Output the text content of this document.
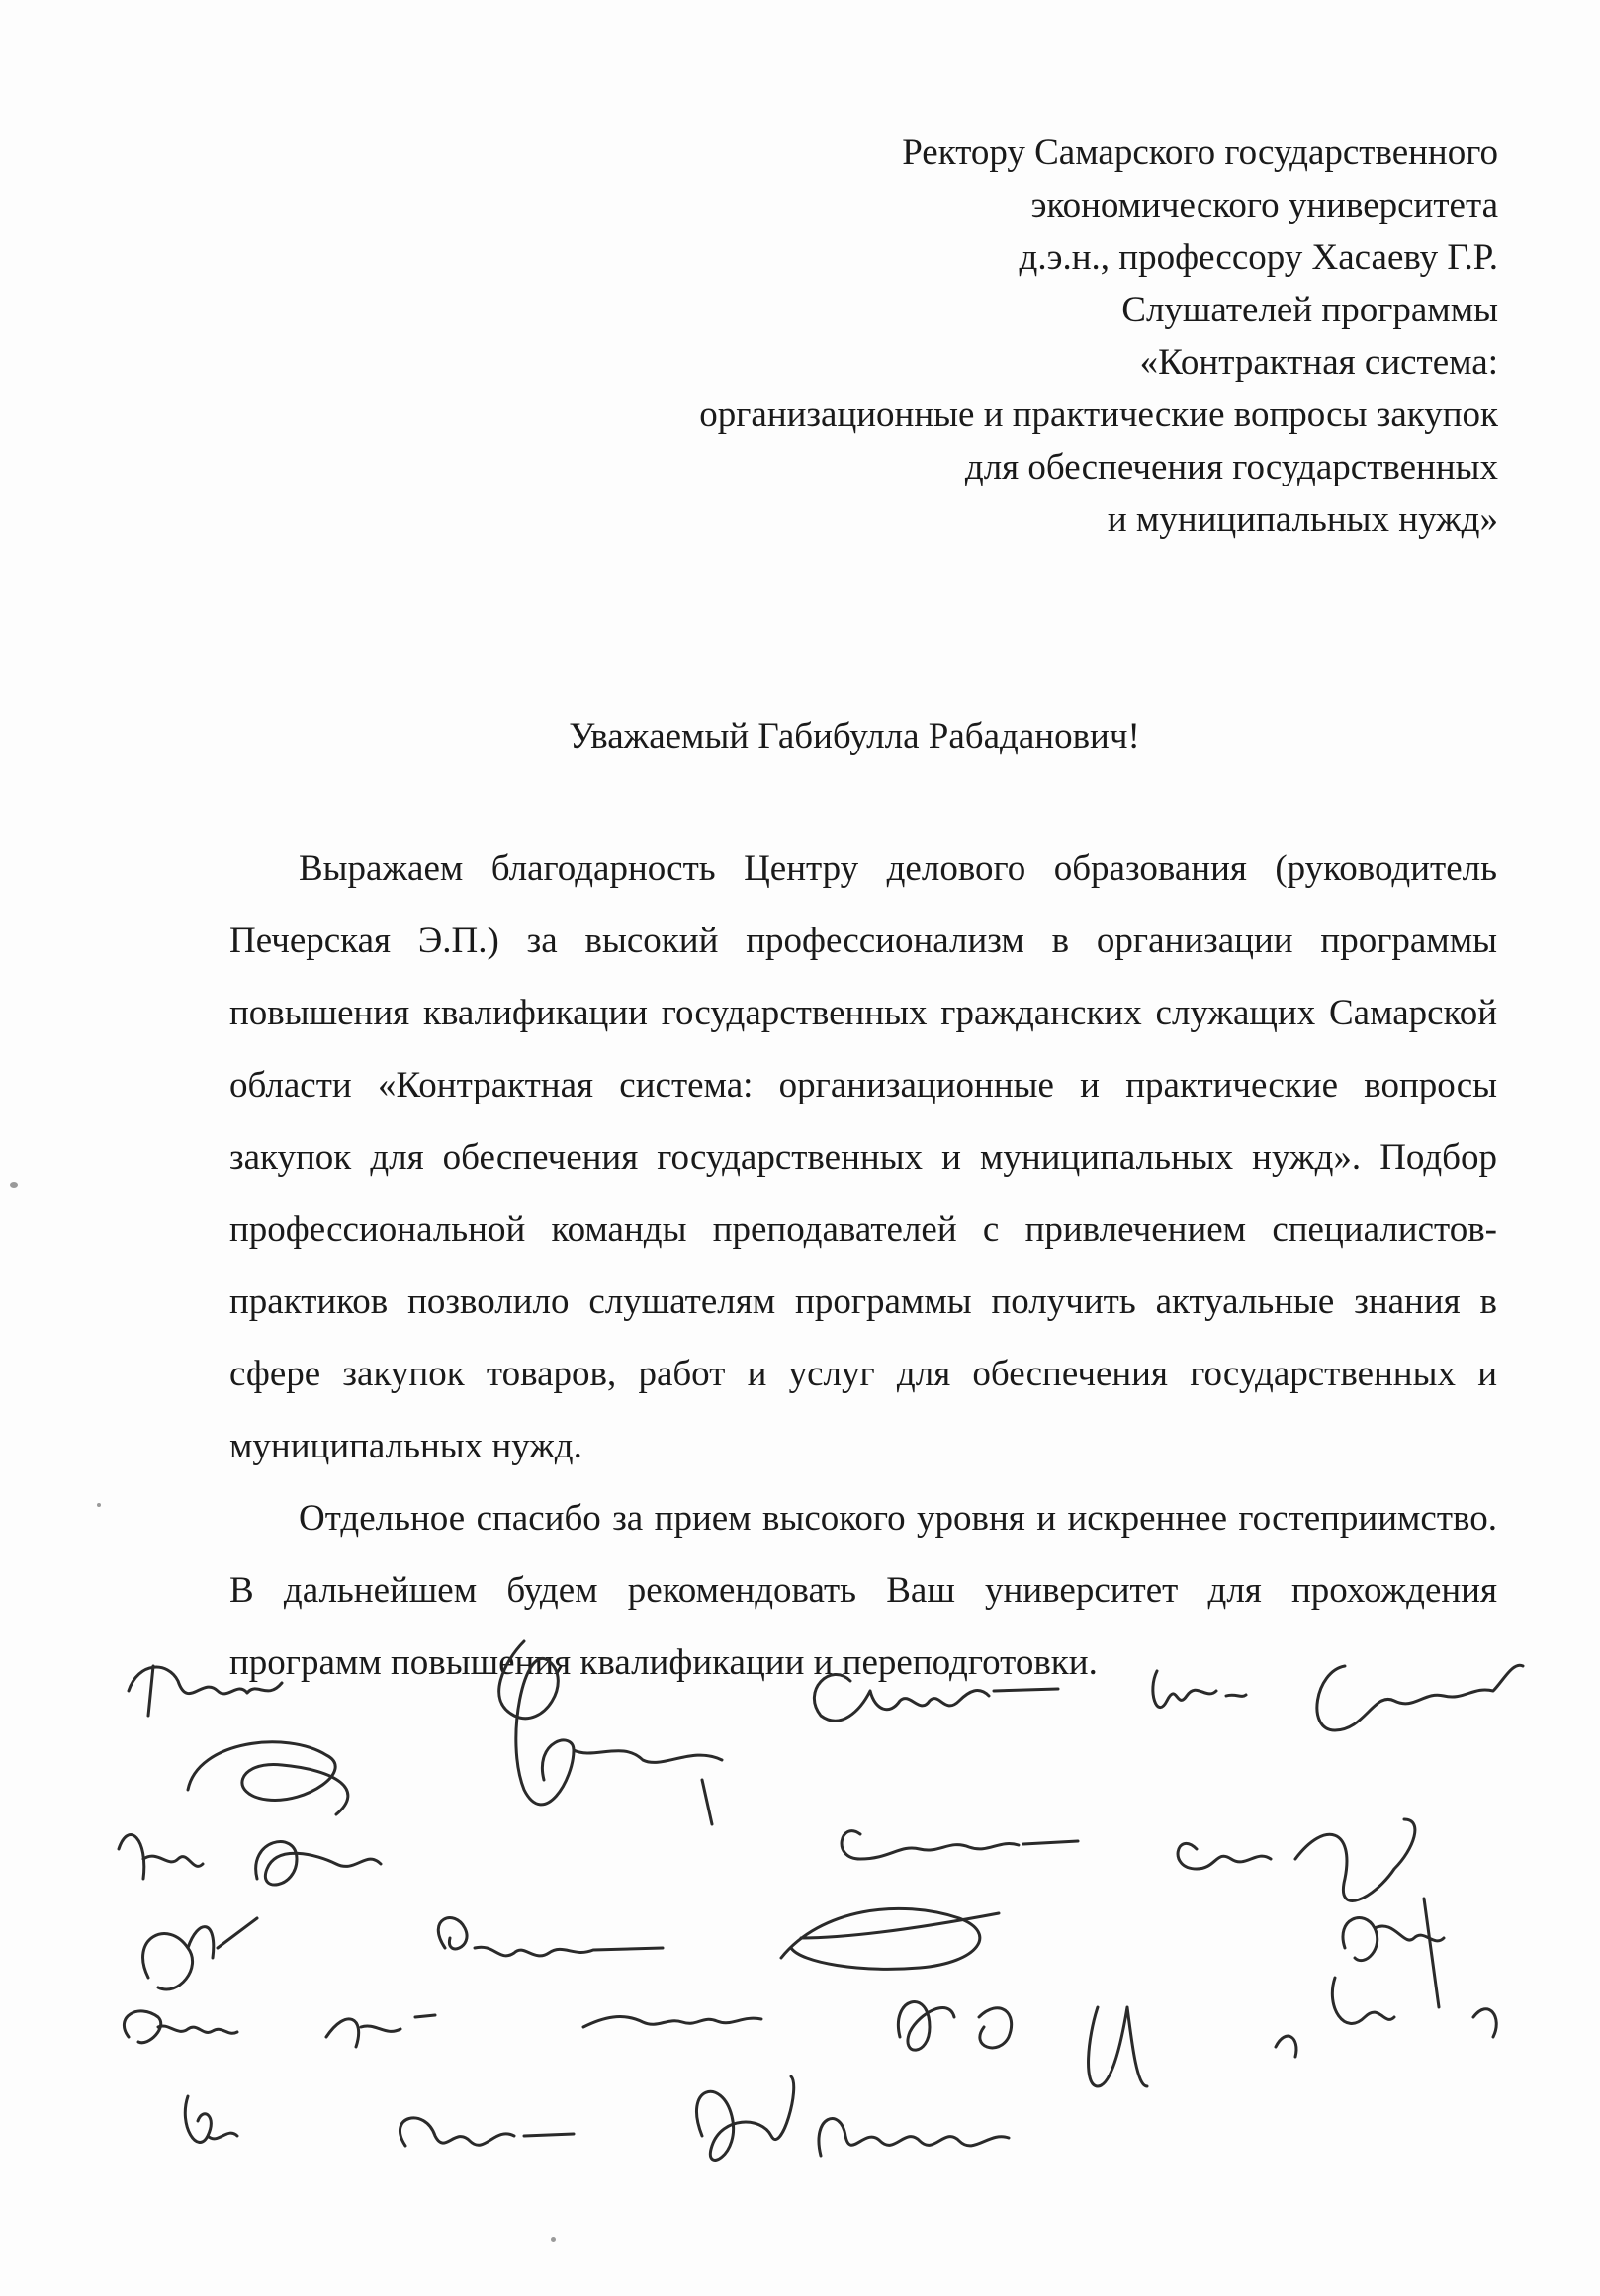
Ректору Самарского государственного
экономического университета
д.э.н., профессору Хасаеву Г.Р.
Слушателей программы
«Контрактная система:
организационные и практические вопросы закупок
для обеспечения государственных
и муниципальных нужд»
Уважаемый Габибулла Рабаданович!

Выражаем благодарность Центру делового образования (руководитель Печерская Э.П.) за высокий профессионализм в организации программы повышения квалификации государственных гражданских служащих Самарской области «Контрактная система: организационные и практические вопросы закупок для обеспечения государственных и муниципальных нужд». Подбор профессиональной команды преподавателей с привлечением специалистов-практиков позволило слушателям программы получить актуальные знания в сфере закупок товаров, работ и услуг для обеспечения государственных и муниципальных нужд.

Отдельное спасибо за прием высокого уровня и искреннее гостеприимство. В дальнейшем будем рекомендовать Ваш университет для прохождения программ повышения квалификации и переподготовки.
